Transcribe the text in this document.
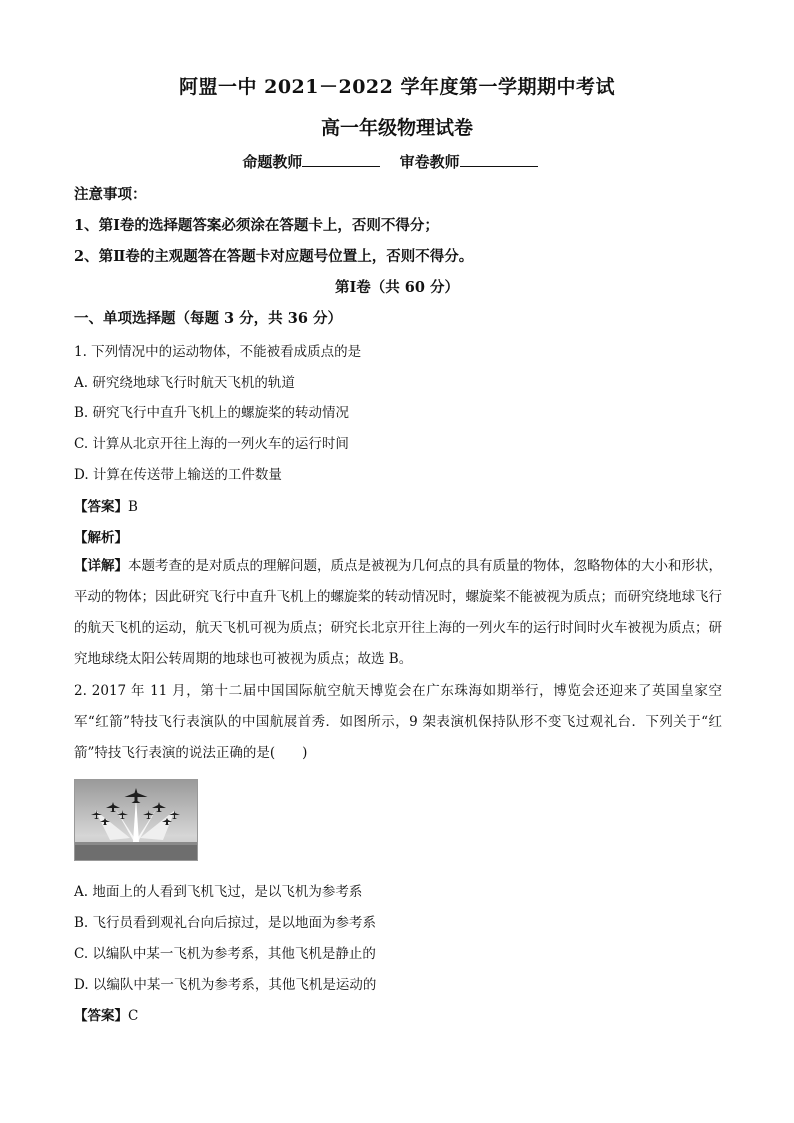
阿盟一中 2021－2022 学年度第一学期期中考试
高一年级物理试卷
命题教师	审卷教师
注意事项：
1、第Ⅰ卷的选择题答案必须涂在答题卡上，否则不得分；
2、第Ⅱ卷的主观题答在答题卡对应题号位置上，否则不得分。
第Ⅰ卷（共 60 分）
一、单项选择题（每题 3 分，共 36 分）
1. 下列情况中的运动物体，不能被看成质点的是
A. 研究绕地球飞行时航天飞机的轨道
B. 研究飞行中直升飞机上的螺旋桨的转动情况
C. 计算从北京开往上海的一列火车的运行时间
D. 计算在传送带上输送的工件数量
【答案】B
【解析】
【详解】本题考查的是对质点的理解问题，质点是被视为几何点的具有质量的物体，忽略物体的大小和形状，平动的物体；因此研究飞行中直升飞机上的螺旋桨的转动情况时，螺旋桨不能被视为质点；而研究绕地球飞行的航天飞机的运动，航天飞机可视为质点；研究长北京开往上海的一列火车的运行时间时火车被视为质点；研究地球绕太阳公转周期的地球也可被视为质点；故选 B。
2. 2017 年 11 月，第十二届中国国际航空航天博览会在广东珠海如期举行，博览会还迎来了英国皇家空军“红箭”特技飞行表演队的中国航展首秀．如图所示，9 架表演机保持队形不变飞过观礼台．下列关于“红箭”特技飞行表演的说法正确的是(　　)
A. 地面上的人看到飞机飞过，是以飞机为参考系
B. 飞行员看到观礼台向后掠过，是以地面为参考系
C. 以编队中某一飞机为参考系，其他飞机是静止的
D. 以编队中某一飞机为参考系，其他飞机是运动的
【答案】C
